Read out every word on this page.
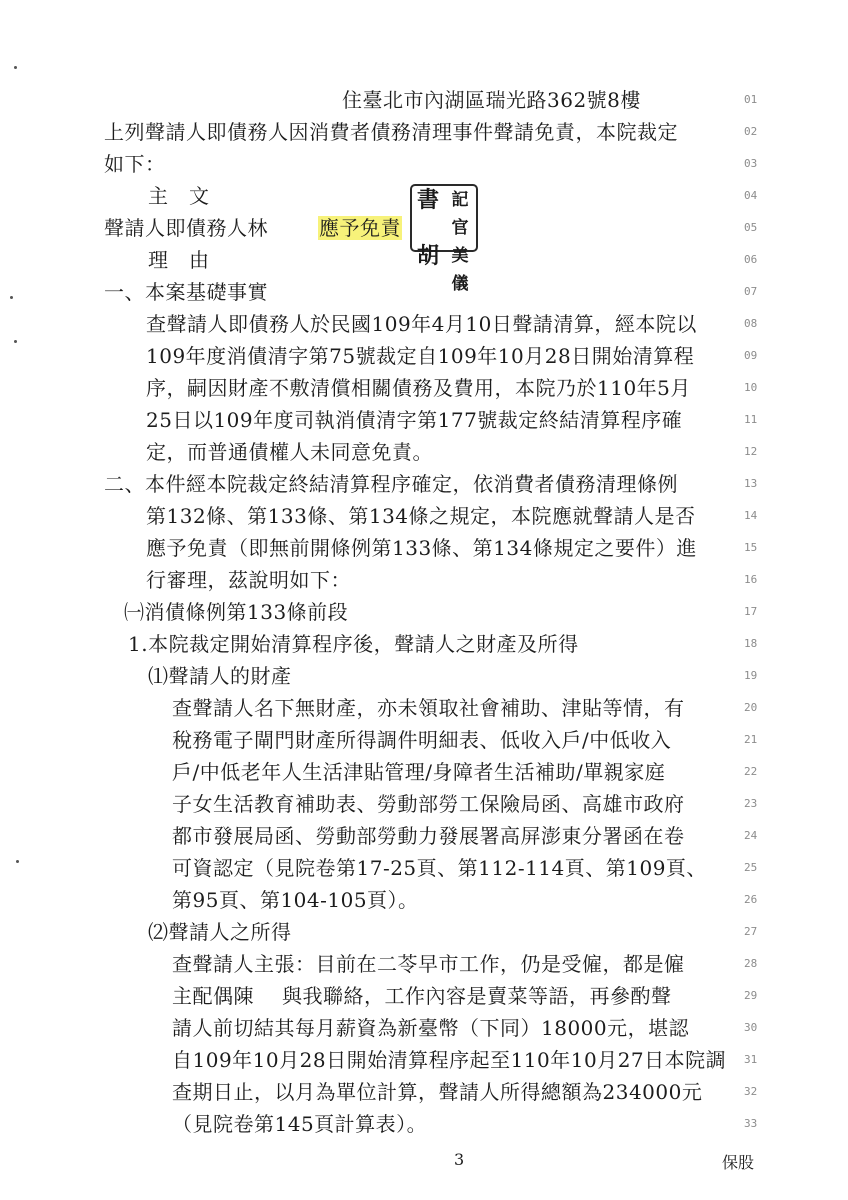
住臺北市內湖區瑞光路362號8樓	01
上列聲請人即債務人因消費者債務清理事件聲請免責，本院裁定	02
如下：	03
主　文	04
聲請人即債務人林	應予免責	05
書 記官
胡 美儀
理　由	06
一、本案基礎事實	07
查聲請人即債務人於民國109年4月10日聲請清算，經本院以	08
109年度消債清字第75號裁定自109年10月28日開始清算程	09
序，嗣因財產不敷清償相關債務及費用，本院乃於110年5月	10
25日以109年度司執消債清字第177號裁定終結清算程序確	11
定，而普通債權人未同意免責。	12
二、本件經本院裁定終結清算程序確定，依消費者債務清理條例	13
第132條、第133條、第134條之規定，本院應就聲請人是否	14
應予免責（即無前開條例第133條、第134條規定之要件）進	15
行審理，茲說明如下：	16
㈠消債條例第133條前段	17
1.本院裁定開始清算程序後，聲請人之財產及所得	18
⑴聲請人的財產	19
查聲請人名下無財產，亦未領取社會補助、津貼等情，有	20
稅務電子閘門財產所得調件明細表、低收入戶/中低收入	21
戶/中低老年人生活津貼管理/身障者生活補助/單親家庭	22
子女生活教育補助表、勞動部勞工保險局函、高雄市政府	23
都市發展局函、勞動部勞動力發展署高屏澎東分署函在卷	24
可資認定（見院卷第17-25頁、第112-114頁、第109頁、	25
第95頁、第104-105頁）。	26
⑵聲請人之所得	27
查聲請人主張：目前在二苓早市工作，仍是受僱，都是僱	28
主配偶陳 與我聯絡，工作內容是賣菜等語，再參酌聲	29
請人前切結其每月薪資為新臺幣（下同）18000元，堪認	30
自109年10月28日開始清算程序起至110年10月27日本院調 31
查期日止，以月為單位計算，聲請人所得總額為234000元	32
（見院卷第145頁計算表）。	33
3	保股
